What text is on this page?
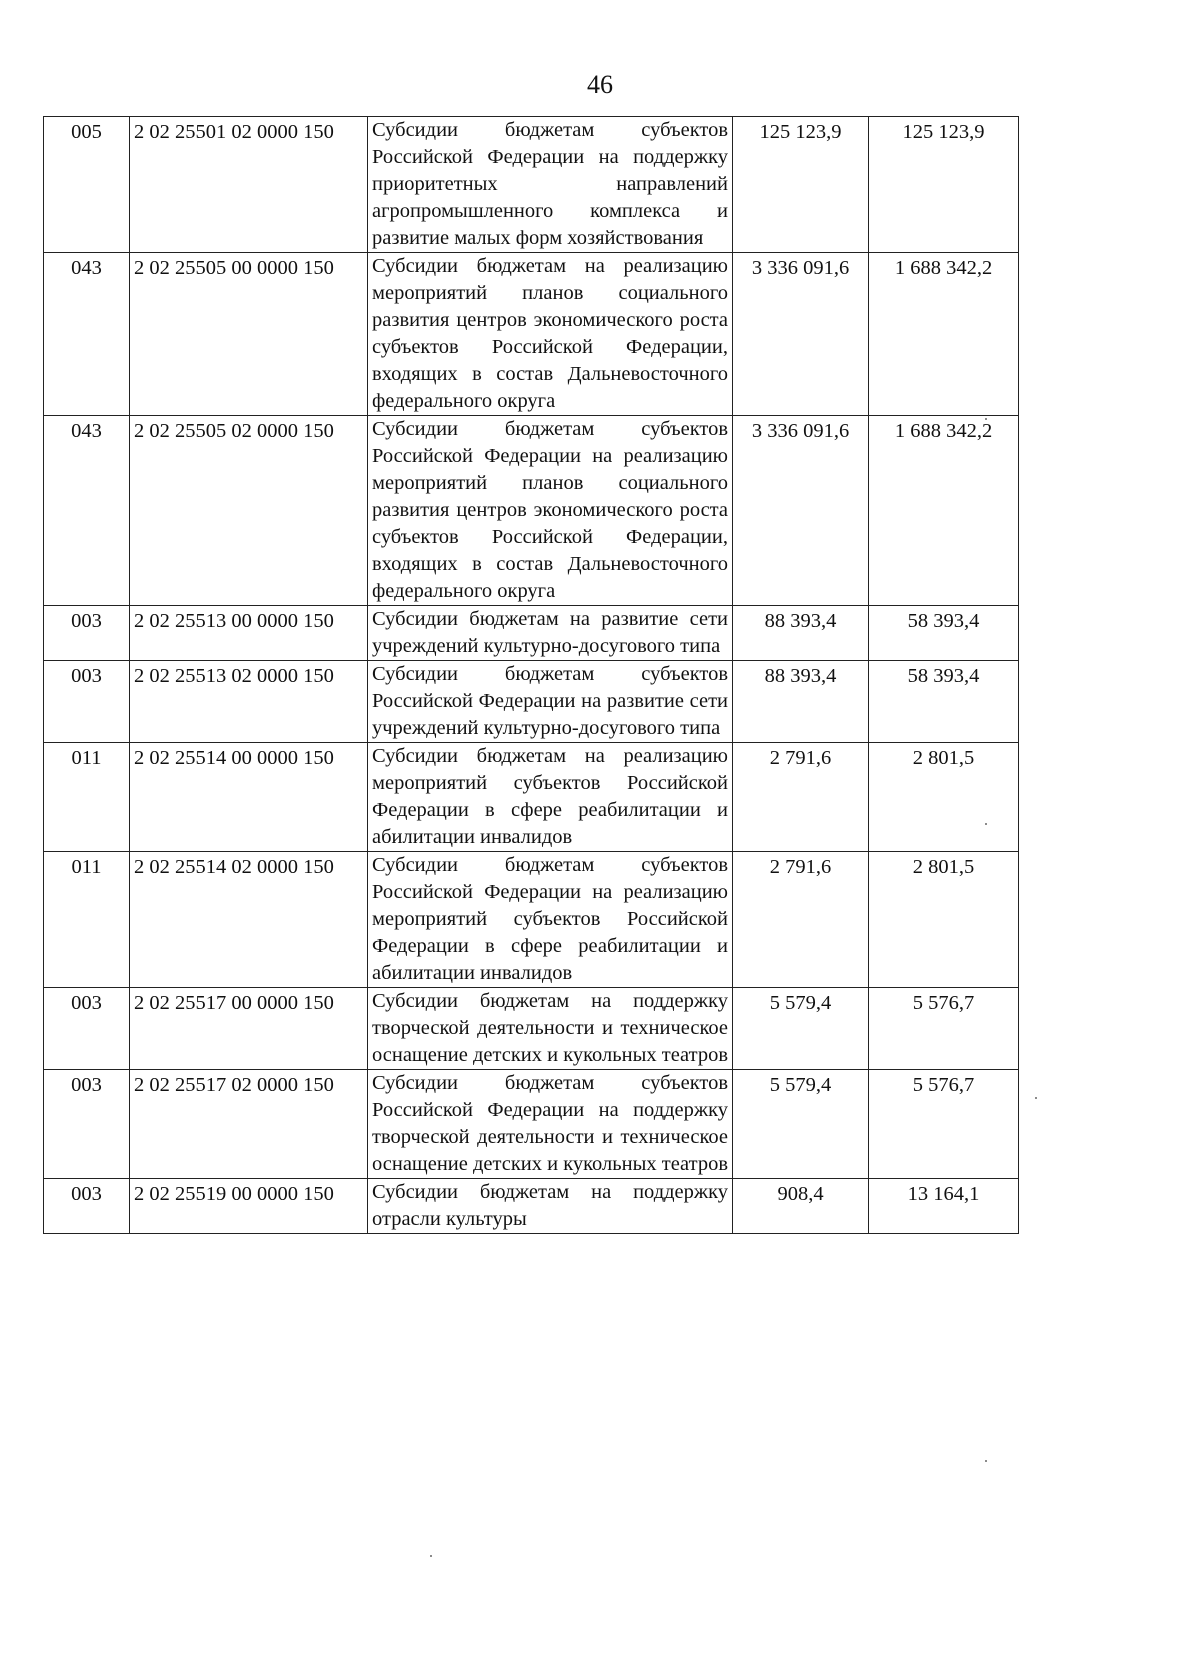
46
005	2 02 25501 02 0000 150	Субсидии бюджетам субъектов Российской Федерации на поддержку приоритетных направлений агропромышленного комплекса и развитие малых форм хозяйствования	125 123,9	125 123,9
043	2 02 25505 00 0000 150	Субсидии бюджетам на реализацию мероприятий планов социального развития центров экономического роста субъектов Российской Федерации, входящих в состав Дальневосточного федерального округа	3 336 091,6	1 688 342,2
043	2 02 25505 02 0000 150	Субсидии бюджетам субъектов Российской Федерации на реализацию мероприятий планов социального развития центров экономического роста субъектов Российской Федерации, входящих в состав Дальневосточного федерального округа	3 336 091,6	1 688 342,2
003	2 02 25513 00 0000 150	Субсидии бюджетам на развитие сети учреждений культурно-досугового типа	88 393,4	58 393,4
003	2 02 25513 02 0000 150	Субсидии бюджетам субъектов Российской Федерации на развитие сети учреждений культурно-досугового типа	88 393,4	58 393,4
011	2 02 25514 00 0000 150	Субсидии бюджетам на реализацию мероприятий субъектов Российской Федерации в сфере реабилитации и абилитации инвалидов	2 791,6	2 801,5
011	2 02 25514 02 0000 150	Субсидии бюджетам субъектов Российской Федерации на реализацию мероприятий субъектов Российской Федерации в сфере реабилитации и абилитации инвалидов	2 791,6	2 801,5
003	2 02 25517 00 0000 150	Субсидии бюджетам на поддержку творческой деятельности и техническое оснащение детских и кукольных театров	5 579,4	5 576,7
003	2 02 25517 02 0000 150	Субсидии бюджетам субъектов Российской Федерации на поддержку творческой деятельности и техническое оснащение детских и кукольных театров	5 579,4	5 576,7
003	2 02 25519 00 0000 150	Субсидии бюджетам на поддержку отрасли культуры	908,4	13 164,1
